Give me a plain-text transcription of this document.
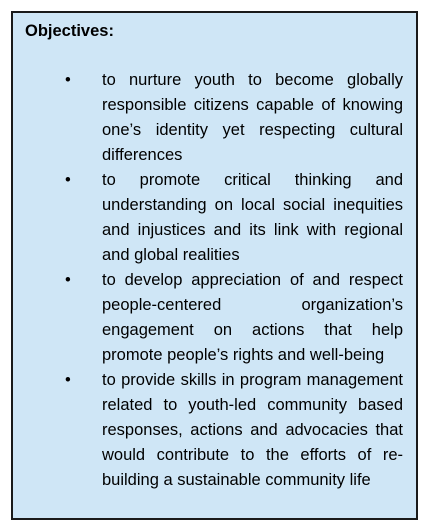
Objectives:
• to nurture youth to become globally responsible citizens capable of knowing one’s identity yet respecting cultural differences
• to promote critical thinking and understanding on local social inequities and injustices and its link with regional and global realities
• to develop appreciation of and respect people-centered organization’s engagement on actions that help promote people’s rights and well-being
• to provide skills in program management related to youth-led community based responses, actions and advocacies that would contribute to the efforts of re-building a sustainable community life
